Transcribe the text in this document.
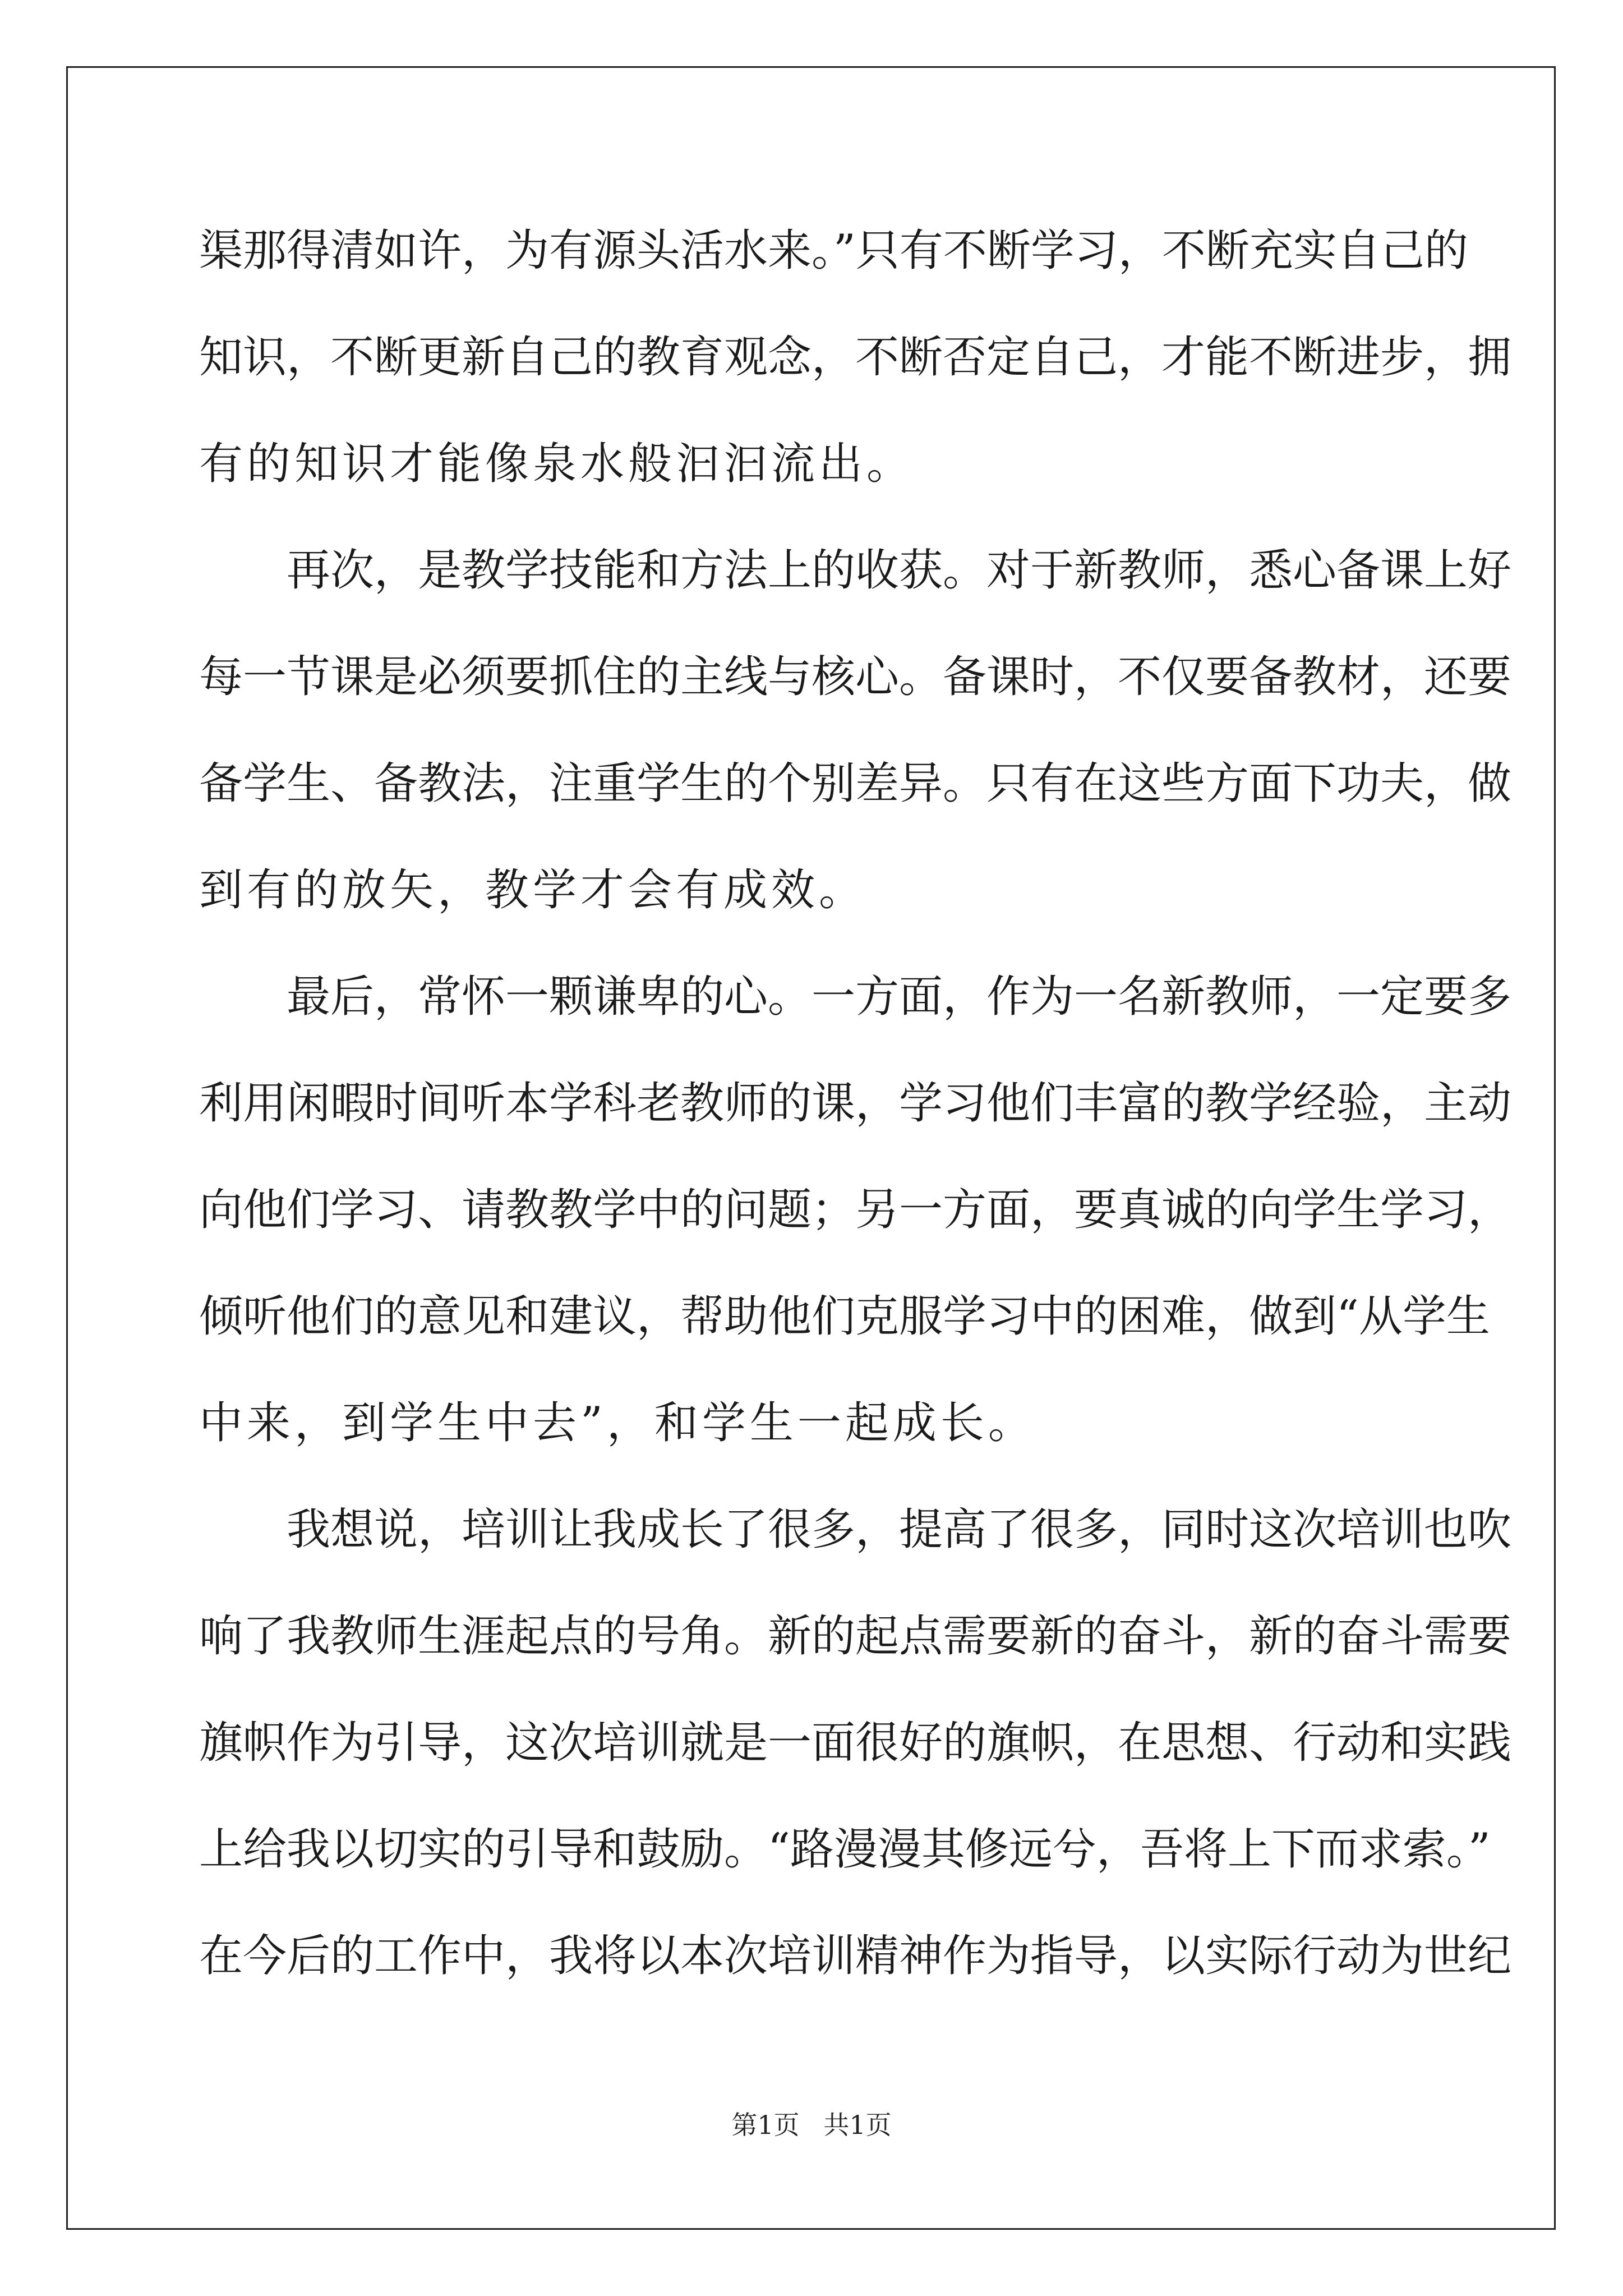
渠那得清如许，为有源头活水来。”只有不断学习，不断充实自己的
知识，不断更新自己的教育观念，不断否定自己，才能不断进步，拥
有的知识才能像泉水般汩汩流出。
再次，是教学技能和方法上的收获。对于新教师，悉心备课上好
每一节课是必须要抓住的主线与核心。备课时，不仅要备教材，还要
备学生、备教法，注重学生的个别差异。只有在这些方面下功夫，做
到有的放矢，教学才会有成效。
最后，常怀一颗谦卑的心。一方面，作为一名新教师，一定要多
利用闲暇时间听本学科老教师的课，学习他们丰富的教学经验，主动
向他们学习、请教教学中的问题；另一方面，要真诚的向学生学习，
倾听他们的意见和建议，帮助他们克服学习中的困难，做到“从学生
中来，到学生中去”，和学生一起成长。
我想说，培训让我成长了很多，提高了很多，同时这次培训也吹
响了我教师生涯起点的号角。新的起点需要新的奋斗，新的奋斗需要
旗帜作为引导，这次培训就是一面很好的旗帜，在思想、行动和实践
上给我以切实的引导和鼓励。“路漫漫其修远兮，吾将上下而求索。”
在今后的工作中，我将以本次培训精神作为指导，以实际行动为世纪
第1页 共1页
